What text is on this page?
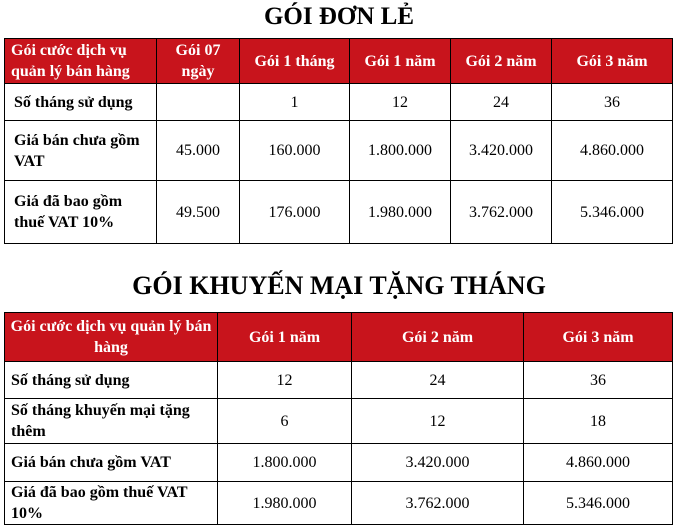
GÓI ĐƠN LẺ
Gói cước dịch vụ quản lý bán hàng	Gói 07 ngày	Gói 1 tháng	Gói 1 năm	Gói 2 năm	Gói 3 năm
Số tháng sử dụng		1	12	24	36
Giá bán chưa gồm VAT	45.000	160.000	1.800.000	3.420.000	4.860.000
Giá đã bao gồm thuế VAT 10%	49.500	176.000	1.980.000	3.762.000	5.346.000
GÓI KHUYẾN MẠI TẶNG THÁNG
Gói cước dịch vụ quản lý bán hàng	Gói 1 năm	Gói 2 năm	Gói 3 năm
Số tháng sử dụng	12	24	36
Số tháng khuyến mại tặng thêm	6	12	18
Giá bán chưa gồm VAT	1.800.000	3.420.000	4.860.000
Giá đã bao gồm thuế VAT 10%	1.980.000	3.762.000	5.346.000
